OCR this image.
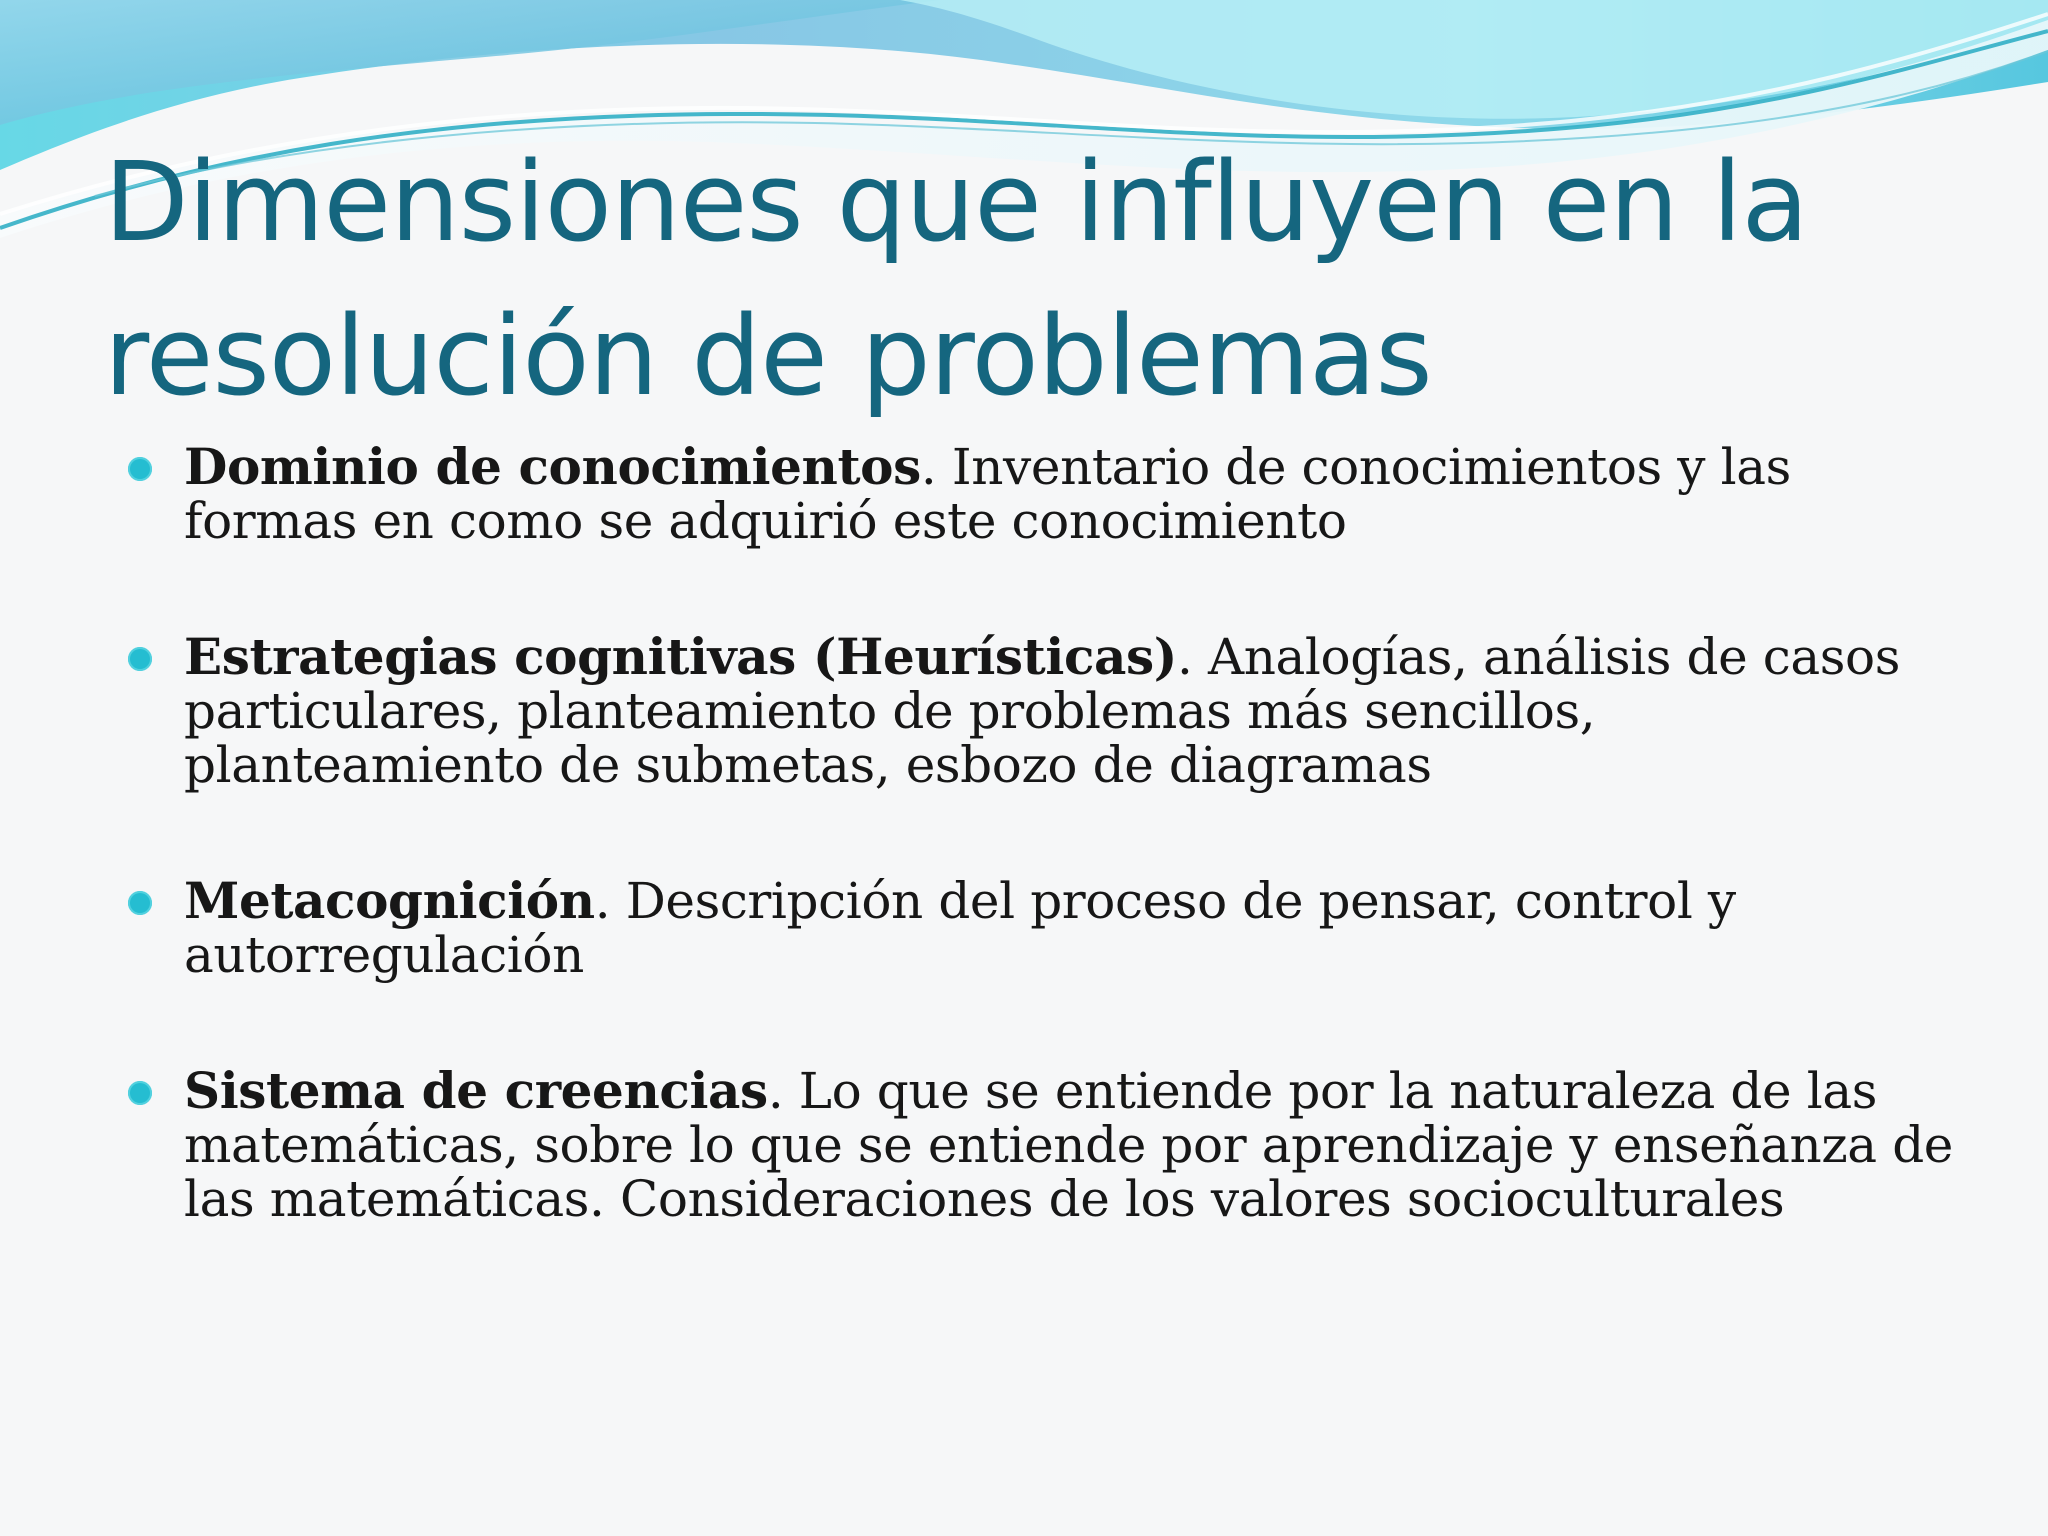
Dimensiones que influyen en la resolución de problemas
Dominio de conocimientos. Inventario de conocimientos y las formas en como se adquirió este conocimiento
Estrategias cognitivas (Heurísticas). Analogías, análisis de casos particulares, planteamiento de problemas más sencillos, planteamiento de submetas, esbozo de diagramas
Metacognición. Descripción del proceso de pensar, control y autorregulación
Sistema de creencias. Lo que se entiende por la naturaleza de las matemáticas, sobre lo que se entiende por aprendizaje y enseñanza de las matemáticas. Consideraciones de los valores socioculturales
